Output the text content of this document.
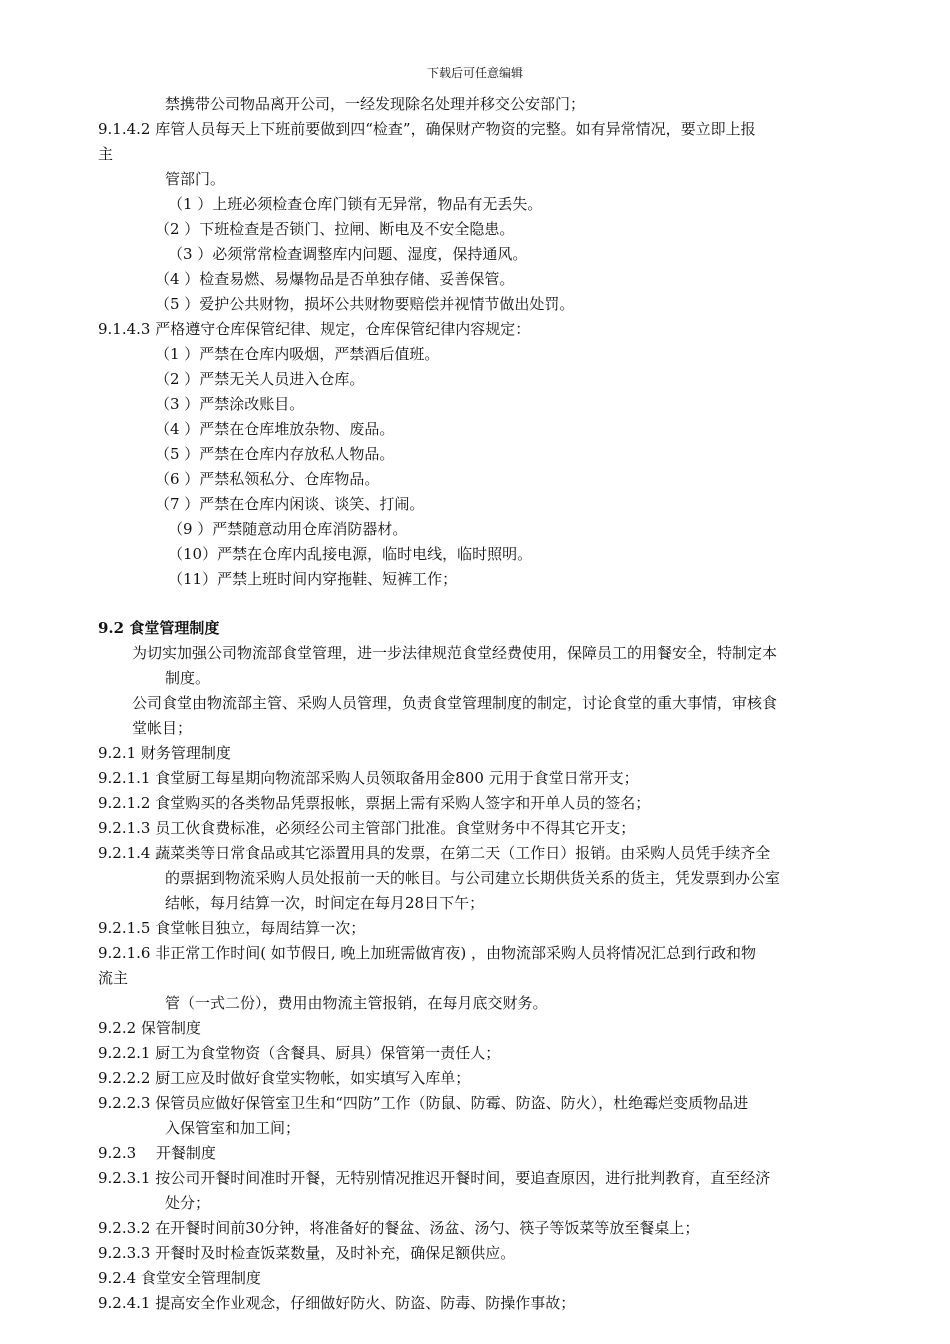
下载后可任意编辑
禁携带公司物品离开公司，一经发现除名处理并移交公安部门；
9.1.4.2 库管人员每天上下班前要做到四“检查”，确保财产物资的完整。如有异常情况，要立即上报
主
管部门。
（1 ）上班必须检查仓库门锁有无异常，物品有无丢失。
（2 ）下班检查是否锁门、拉闸、断电及不安全隐患。
（3 ）必须常常检查调整库内问题、湿度，保持通风。
（4 ）检查易燃、易爆物品是否单独存储、妥善保管。
（5 ）爱护公共财物，损坏公共财物要赔偿并视情节做出处罚。
9.1.4.3 严格遵守仓库保管纪律、规定，仓库保管纪律内容规定：
（1 ）严禁在仓库内吸烟，严禁酒后值班。
（2 ）严禁无关人员进入仓库。
（3 ）严禁涂改账目。
（4 ）严禁在仓库堆放杂物、废品。
（5 ）严禁在仓库内存放私人物品。
（6 ）严禁私领私分、仓库物品。
（7 ）严禁在仓库内闲谈、谈笑、打闹。
（9 ）严禁随意动用仓库消防器材。
（10）严禁在仓库内乱接电源，临时电线，临时照明。
（11）严禁上班时间内穿拖鞋、短裤工作；
9.2 食堂管理制度
为切实加强公司物流部食堂管理，进一步法律规范食堂经费使用，保障员工的用餐安全，特制定本
制度。
公司食堂由物流部主管、采购人员管理，负责食堂管理制度的制定，讨论食堂的重大事情，审核食
堂帐目；
9.2.1 财务管理制度
9.2.1.1 食堂厨工每星期向物流部采购人员领取备用金800 元用于食堂日常开支；
9.2.1.2 食堂购买的各类物品凭票报帐，票据上需有采购人签字和开单人员的签名；
9.2.1.3 员工伙食费标准，必须经公司主管部门批准。食堂财务中不得其它开支；
9.2.1.4 蔬菜类等日常食品或其它添置用具的发票，在第二天（工作日）报销。由采购人员凭手续齐全
的票据到物流采购人员处报前一天的帐目。与公司建立长期供货关系的货主，凭发票到办公室
结帐，每月结算一次，时间定在每月28日下午；
9.2.1.5 食堂帐目独立，每周结算一次；
9.2.1.6 非正常工作时间( 如节假日, 晚上加班需做宵夜) ，由物流部采购人员将情况汇总到行政和物
流主
管（一式二份），费用由物流主管报销，在每月底交财务。
9.2.2 保管制度
9.2.2.1 厨工为食堂物资（含餐具、厨具）保管第一责任人；
9.2.2.2 厨工应及时做好食堂实物帐，如实填写入库单；
9.2.2.3 保管员应做好保管室卫生和“四防”工作（防鼠、防霉、防盗、防火），杜绝霉烂变质物品进
入保管室和加工间；
9.2.3　 开餐制度
9.2.3.1 按公司开餐时间准时开餐，无特别情况推迟开餐时间，要追查原因，进行批判教育，直至经济
处分；
9.2.3.2 在开餐时间前30分钟，将准备好的餐盆、汤盆、汤勺、筷子等饭菜等放至餐桌上；
9.2.3.3 开餐时及时检查饭菜数量，及时补充，确保足额供应。
9.2.4 食堂安全管理制度
9.2.4.1 提高安全作业观念，仔细做好防火、防盗、防毒、防操作事故；
